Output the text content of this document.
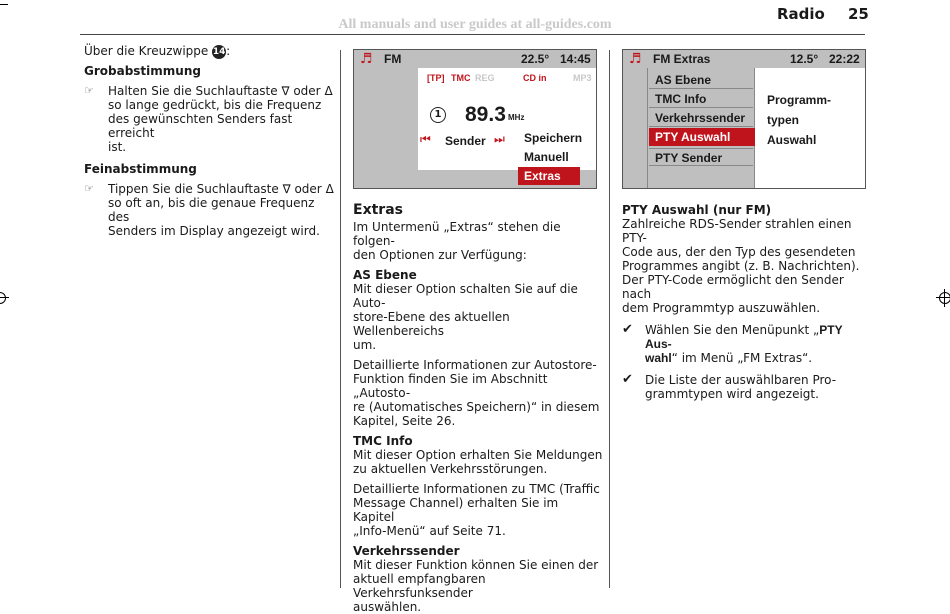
All manuals and user guides at all-guides.com
Radio 25

Über die Kreuzwippe 14:

Grobabstimmung

☞ Halten Sie die Suchlauftaste ∇ oder Δ

so lange gedrückt, bis die Frequenz

des gewünschten Senders fast erreicht

ist.

Feinabstimmung

☞ Tippen Sie die Suchlauftaste ∇ oder Δ

so oft an, bis die genaue Frequenz des

Senders im Display angezeigt wird.

♬ FM	22.5° 14:45
[TP] TMC REG	CD in	MP3
1 89.3 MHz
⏮ Sender ⏭	Speichern
Manuell
Extras
♬ FM Extras	12.5° 22:22
AS Ebene
TMC Info
Verkehrssender
PTY Auswahl
PTY Sender
Programm-
typen
Auswahl

Extras

Im Untermenü „Extras“ stehen die folgen-

den Optionen zur Verfügung:

AS Ebene

Mit dieser Option schalten Sie auf die Auto-

store-Ebene des aktuellen Wellenbereichs

um.

Detaillierte Informationen zur Autostore-

Funktion finden Sie im Abschnitt „Autosto-

re (Automatisches Speichern)“ in diesem

Kapitel, Seite 26.

TMC Info

Mit dieser Option erhalten Sie Meldungen

zu aktuellen Verkehrsstörungen.

Detaillierte Informationen zu TMC (Traffic

Message Channel) erhalten Sie im Kapitel

„Info-Menü“ auf Seite 71.

Verkehrssender

Mit dieser Funktion können Sie einen der

aktuell empfangbaren Verkehrsfunksender

auswählen.

PTY Auswahl (nur FM)

Zahlreiche RDS-Sender strahlen einen PTY-

Code aus, der den Typ des gesendeten

Programmes angibt (z. B. Nachrichten).

Der PTY-Code ermöglicht den Sender nach

dem Programmtyp auszuwählen.

✔ Wählen Sie den Menüpunkt „PTY Aus-

wahl“ im Menü „FM Extras“.

✔ Die Liste der auswählbaren Pro-

grammtypen wird angezeigt.
